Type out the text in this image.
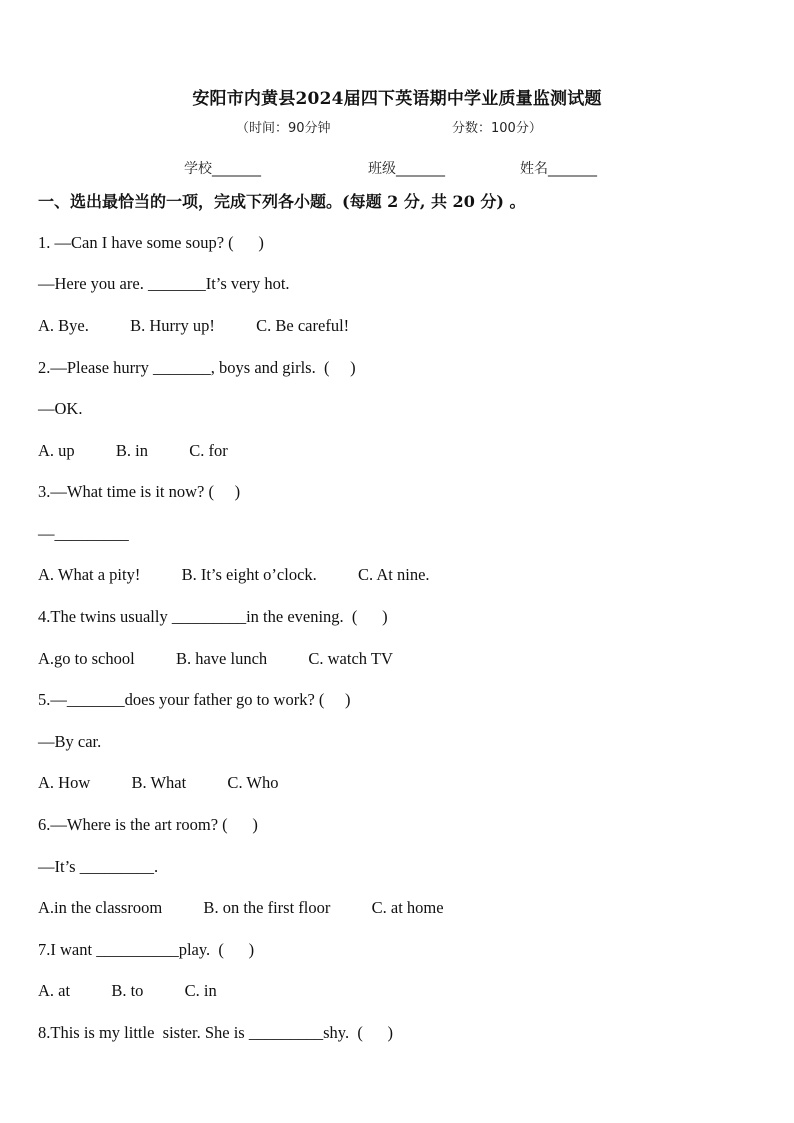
安阳市内黄县2024届四下英语期中学业质量监测试题
（时间：90分钟	分数：100分）
学校_______	班级_______	姓名_______
一、选出最恰当的一项，完成下列各小题。(每题 2 分, 共 20 分) 。
1. —Can I have some soup? (      )
—Here you are. _______It’s very hot.
A. Bye.          B. Hurry up!          C. Be careful!
2.—Please hurry _______, boys and girls.  (     )
—OK.
A. up          B. in          C. for
3.—What time is it now? (     )
—_________
A. What a pity!          B. It’s eight o’clock.          C. At nine.
4.The twins usually _________in the evening.  (      )
A.go to school          B. have lunch          C. watch TV
5.—_______does your father go to work? (     )
—By car.
A. How          B. What          C. Who
6.—Where is the art room? (      )
—It’s _________.
A.in the classroom          B. on the first floor          C. at home
7.I want __________play.  (      )
A. at          B. to          C. in
8.This is my little  sister. She is _________shy.  (      )
